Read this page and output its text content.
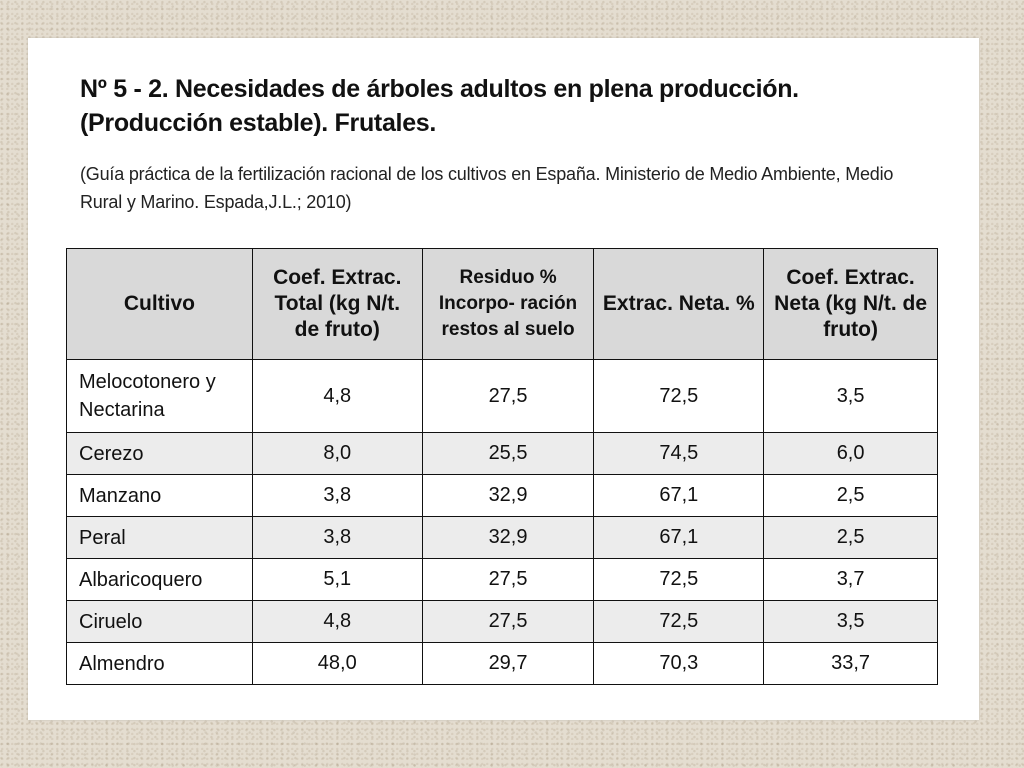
Nº 5 - 2. Necesidades de árboles adultos en plena producción. (Producción estable). Frutales.

(Guía práctica de la fertilización racional de los cultivos en España. Ministerio de Medio Ambiente, Medio Rural y Marino. Espada,J.L.; 2010)

Cultivo	Coef. Extrac. Total (kg N/t. de fruto)	Residuo % Incorpo- ración restos al suelo	Extrac. Neta. %	Coef. Extrac. Neta (kg N/t. de fruto)
Melocotonero y Nectarina	4,8	27,5	72,5	3,5
Cerezo	8,0	25,5	74,5	6,0
Manzano	3,8	32,9	67,1	2,5
Peral	3,8	32,9	67,1	2,5
Albaricoquero	5,1	27,5	72,5	3,7
Ciruelo	4,8	27,5	72,5	3,5
Almendro	48,0	29,7	70,3	33,7
